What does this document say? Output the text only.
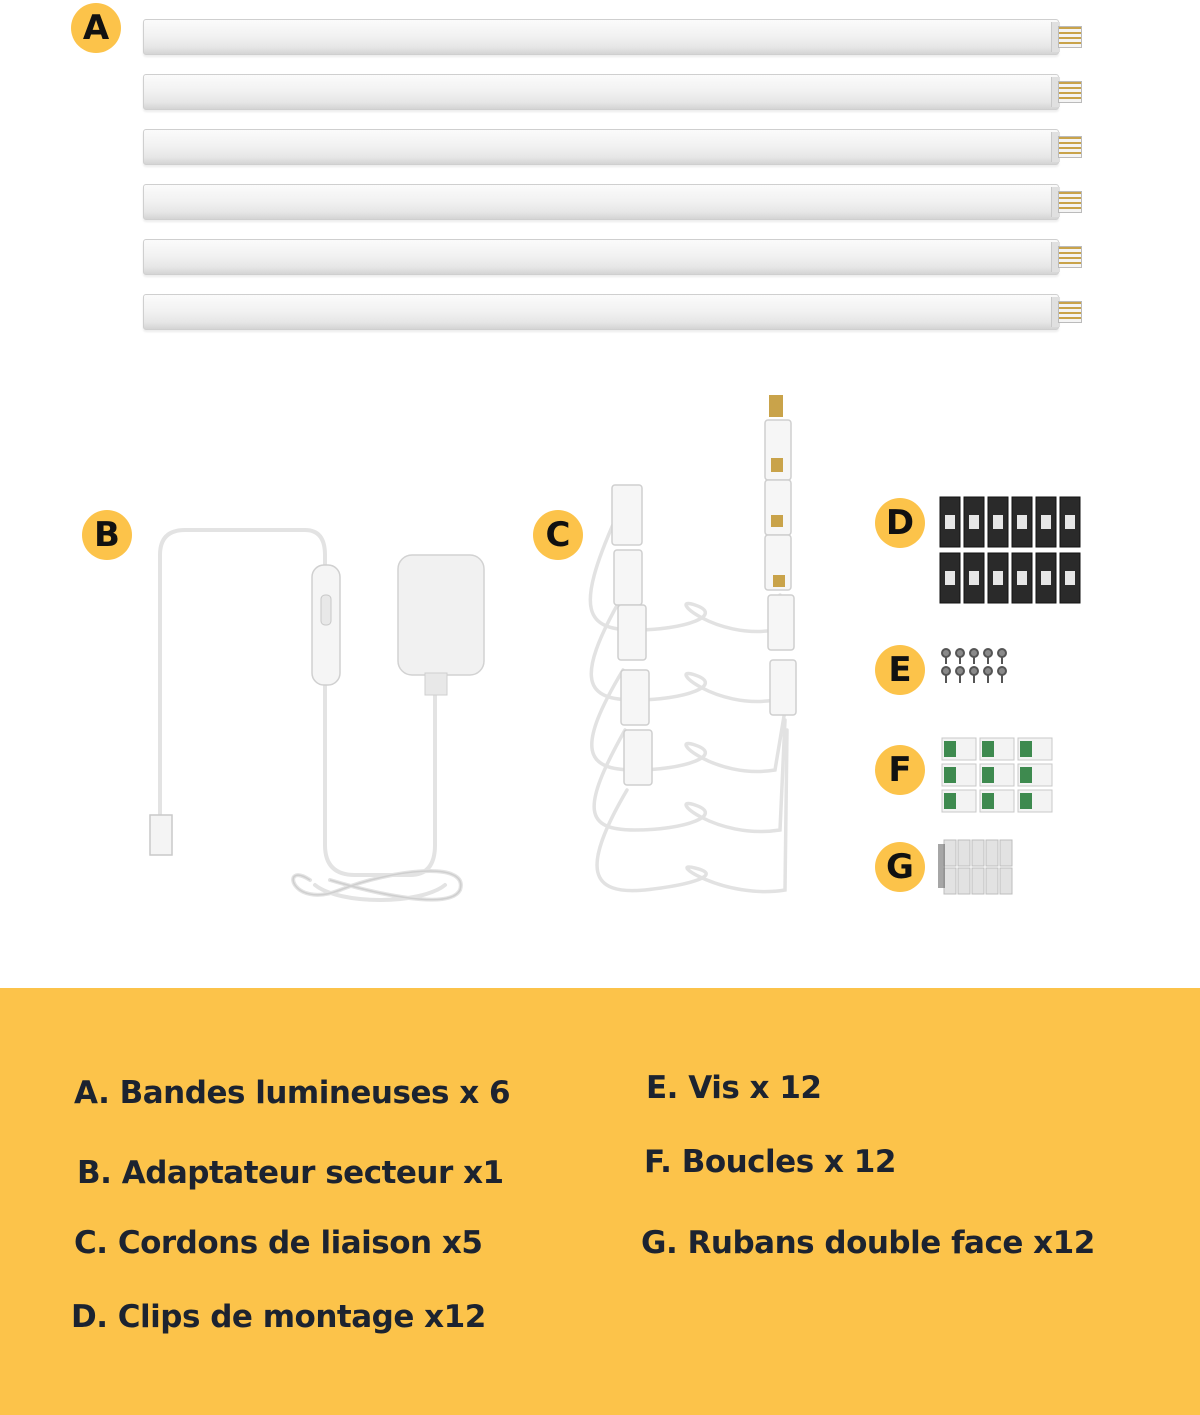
A
B	C	D
E
F
G
A. Bandes lumineuses x 6
B. Adaptateur secteur x1
C. Cordons de liaison x5
D. Clips de montage x12
E. Vis x 12
F. Boucles x 12
G. Rubans double face x12
